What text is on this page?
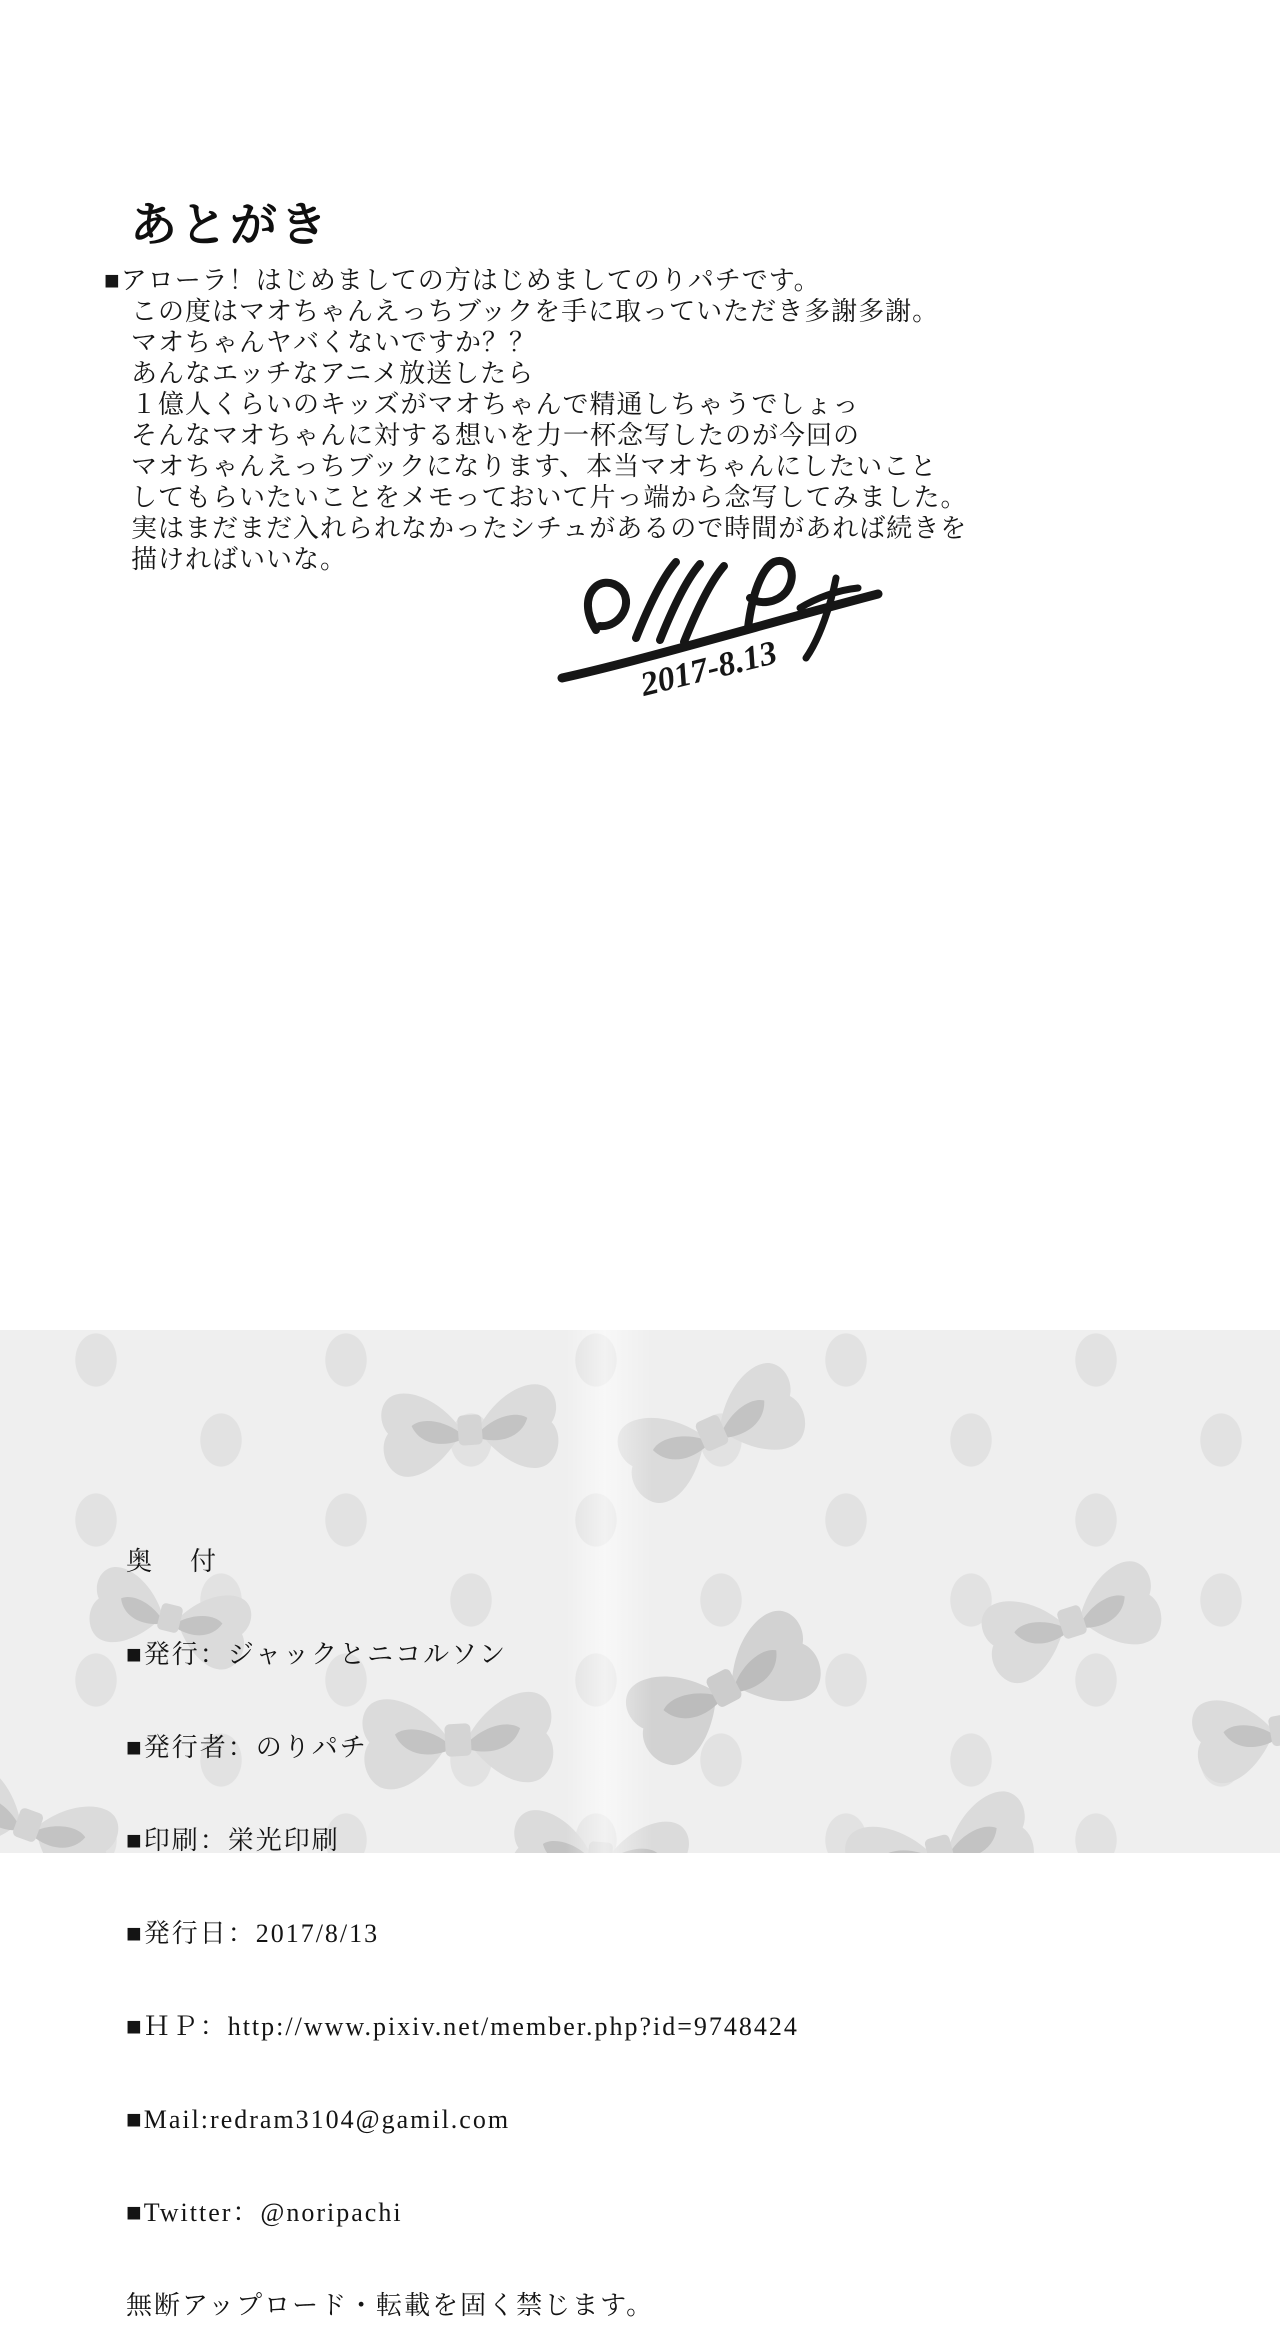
あとがき
■アローラ！はじめましての方はじめましてのりパチです。
この度はマオちゃんえっちブックを手に取っていただき多謝多謝。
マオちゃんヤバくないですか？？
あんなエッチなアニメ放送したら
１億人くらいのキッズがマオちゃんで精通しちゃうでしょっ
そんなマオちゃんに対する想いを力一杯念写したのが今回の
マオちゃんえっちブックになります、本当マオちゃんにしたいこと
してもらいたいことをメモっておいて片っ端から念写してみました。
実はまだまだ入れられなかったシチュがあるので時間があれば続きを
描ければいいな。
2017-8.13

奥　付

■発行：ジャックとニコルソン

■発行者：のりパチ

■印刷：栄光印刷

■発行日：2017/8/13

■ＨＰ：http://www.pixiv.net/member.php?id=9748424

■Mail:redram3104@gamil.com

■Twitter：@noripachi

無断アップロード・転載を固く禁じます。
